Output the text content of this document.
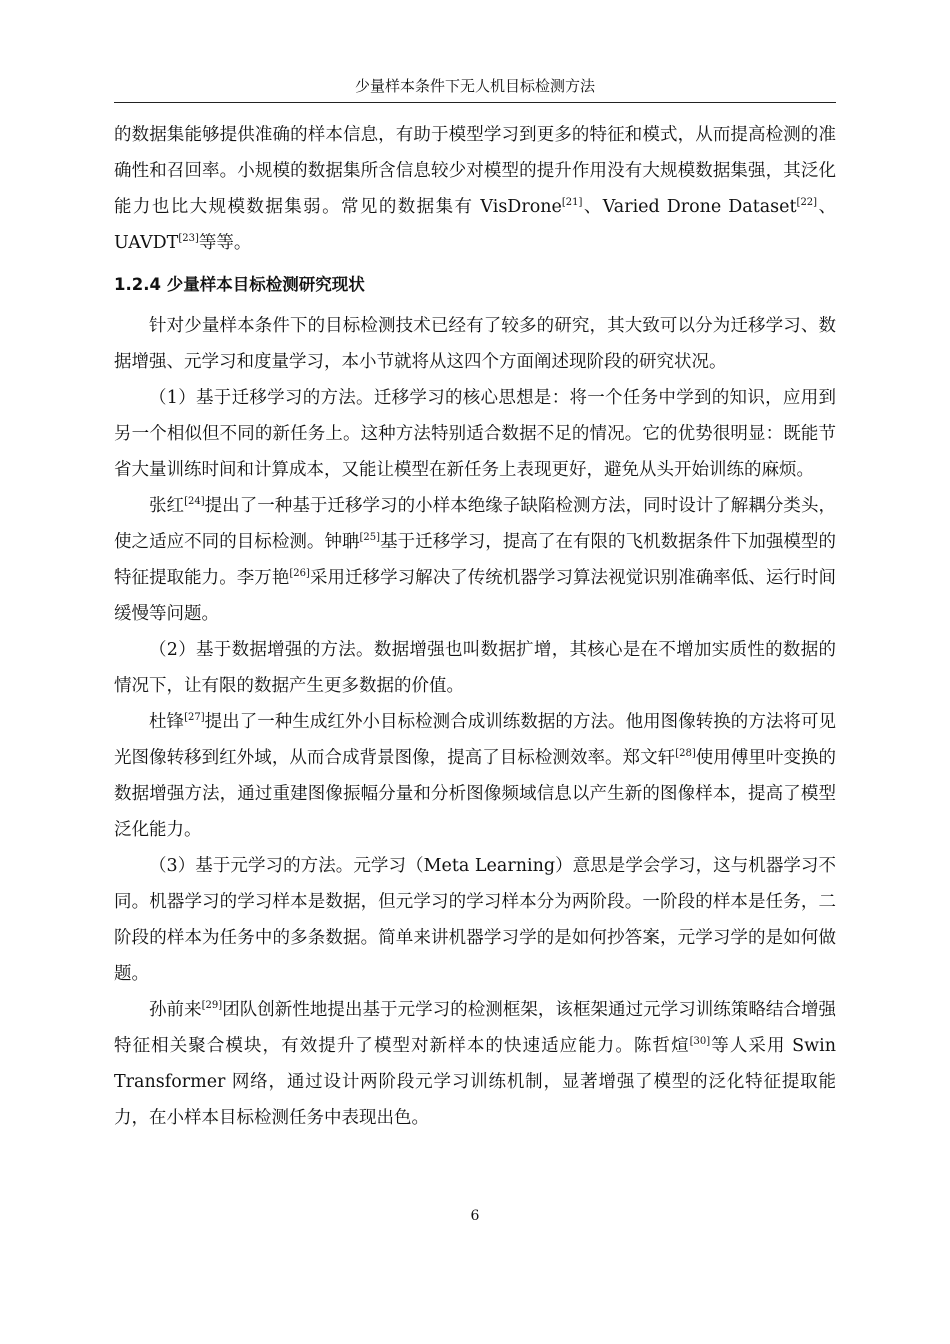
少量样本条件下无人机目标检测方法

的数据集能够提供准确的样本信息，有助于模型学习到更多的特征和模式，从而提高检测的准确性和召回率。小规模的数据集所含信息较少对模型的提升作用没有大规模数据集强，其泛化能力也比大规模数据集弱。常见的数据集有 VisDrone[21]、Varied Drone Dataset[22]、UAVDT[23]等等。

1.2.4 少量样本目标检测研究现状

针对少量样本条件下的目标检测技术已经有了较多的研究，其大致可以分为迁移学习、数据增强、元学习和度量学习，本小节就将从这四个方面阐述现阶段的研究状况。

（1）基于迁移学习的方法。迁移学习的核心思想是：将一个任务中学到的知识，应用到另一个相似但不同的新任务上。这种方法特别适合数据不足的情况。它的优势很明显：既能节省大量训练时间和计算成本，又能让模型在新任务上表现更好，避免从头开始训练的麻烦。

张红[24]提出了一种基于迁移学习的小样本绝缘子缺陷检测方法，同时设计了解耦分类头，使之适应不同的目标检测。钟聃[25]基于迁移学习，提高了在有限的飞机数据条件下加强模型的特征提取能力。李万艳[26]采用迁移学习解决了传统机器学习算法视觉识别准确率低、运行时间缓慢等问题。

（2）基于数据增强的方法。数据增强也叫数据扩增，其核心是在不增加实质性的数据的情况下，让有限的数据产生更多数据的价值。

杜锋[27]提出了一种生成红外小目标检测合成训练数据的方法。他用图像转换的方法将可见光图像转移到红外域，从而合成背景图像，提高了目标检测效率。郑文轩[28]使用傅里叶变换的数据增强方法，通过重建图像振幅分量和分析图像频域信息以产生新的图像样本，提高了模型泛化能力。

（3）基于元学习的方法。元学习（Meta Learning）意思是学会学习，这与机器学习不同。机器学习的学习样本是数据，但元学习的学习样本分为两阶段。一阶段的样本是任务，二阶段的样本为任务中的多条数据。简单来讲机器学习学的是如何抄答案，元学习学的是如何做题。

孙前来[29]团队创新性地提出基于元学习的检测框架，该框架通过元学习训练策略结合增强特征相关聚合模块，有效提升了模型对新样本的快速适应能力。陈哲煊[30]等人采用 Swin Transformer 网络，通过设计两阶段元学习训练机制，显著增强了模型的泛化特征提取能力，在小样本目标检测任务中表现出色。

6
